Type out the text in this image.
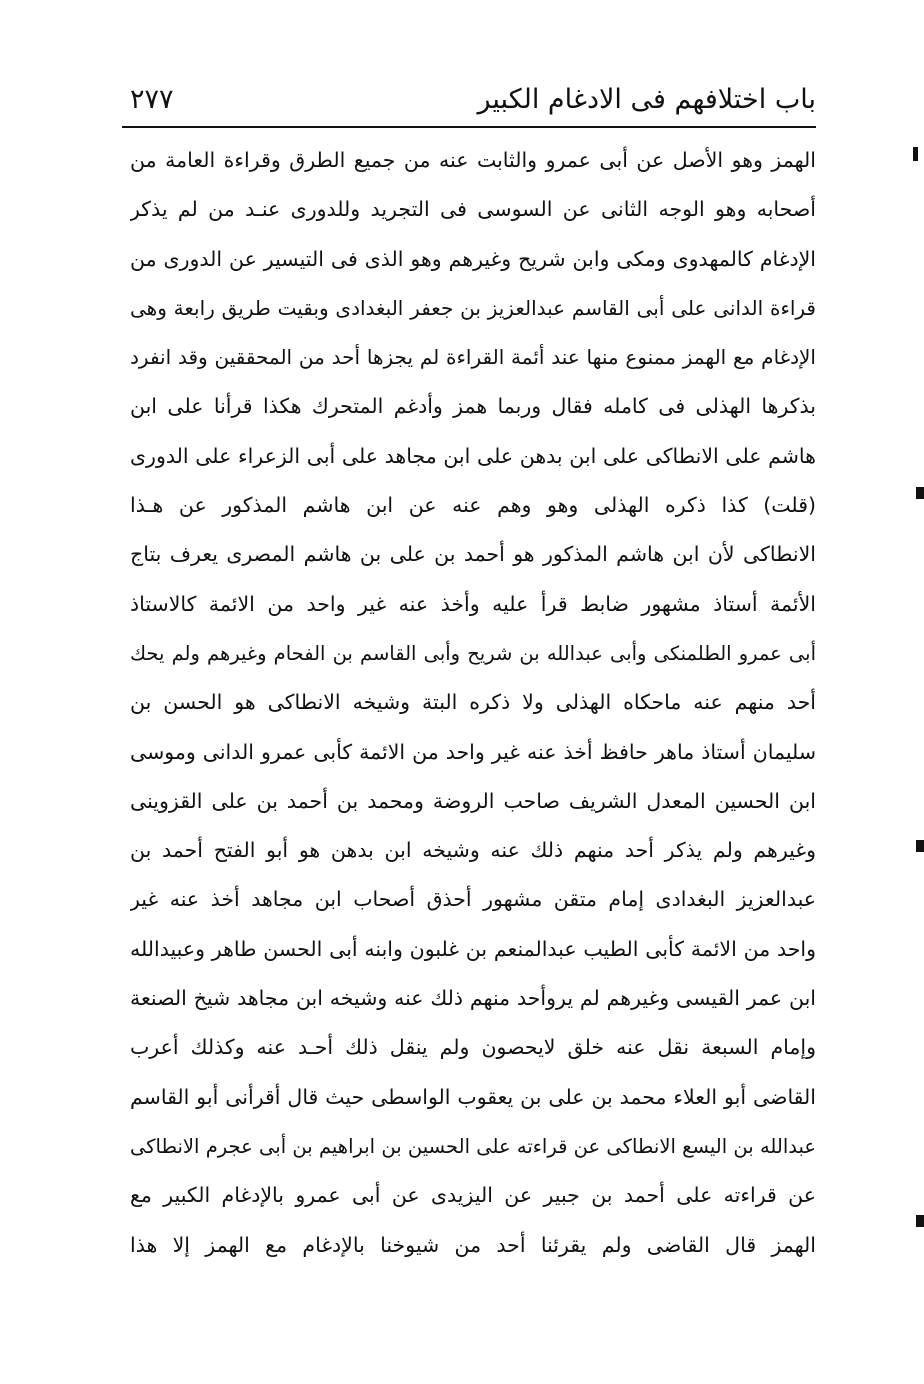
باب اختلافهم فى الادغام الكبير
٢٧٧
الهمز وهو الأصل عن أبى عمرو والثابت عنه من جميع الطرق وقراءة العامة من
أصحابه وهو الوجه الثانى عن السوسى فى التجريد وللدورى عنـد من لم يذكر
الإدغام كالمهدوى ومكى وابن شريح وغيرهم وهو الذى فى التيسير عن الدورى من
قراءة الدانى على أبى القاسم عبدالعزيز بن جعفر البغدادى وبقيت طريق رابعة وهى
الإدغام مع الهمز ممنوع منها عند أئمة القراءة لم يجزها أحد من المحققين وقد انفرد
بذكرها الهذلى فى كامله فقال وربما همز وأدغم المتحرك هكذا قرأنا على ابن
هاشم على الانطاكى على ابن بدهن على ابن مجاهد على أبى الزعراء على الدورى
(قلت) كذا ذكره الهذلى وهو وهم عنه عن ابن هاشم المذكور عن هـذا
الانطاكى لأن ابن هاشم المذكور هو أحمد بن على بن هاشم المصرى يعرف بتاج
الأئمة أستاذ مشهور ضابط قرأ عليه وأخذ عنه غير واحد من الائمة كالاستاذ
أبى عمرو الطلمنكى وأبى عبدالله بن شريح وأبى القاسم بن الفحام وغيرهم ولم يحك
أحد منهم عنه ماحكاه الهذلى ولا ذكره البتة وشيخه الانطاكى هو الحسن بن
سليمان أستاذ ماهر حافظ أخذ عنه غير واحد من الائمة كأبى عمرو الدانى وموسى
ابن الحسين المعدل الشريف صاحب الروضة ومحمد بن أحمد بن على القزوينى
وغيرهم ولم يذكر أحد منهم ذلك عنه وشيخه ابن بدهن هو أبو الفتح أحمد بن
عبدالعزيز البغدادى إمام متقن مشهور أحذق أصحاب ابن مجاهد أخذ عنه غير
واحد من الائمة كأبى الطيب عبدالمنعم بن غلبون وابنه أبى الحسن طاهر وعبيدالله
ابن عمر القيسى وغيرهم لم يروأحد منهم ذلك عنه وشيخه ابن مجاهد شيخ الصنعة
وإمام السبعة نقل عنه خلق لايحصون ولم ينقل ذلك أحـد عنه وكذلك أعرب
القاضى أبو العلاء محمد بن على بن يعقوب الواسطى حيث قال أقرأنى أبو القاسم
عبدالله بن اليسع الانطاكى عن قراءته على الحسين بن ابراهيم بن أبى عجرم الانطاكى
عن قراءته على أحمد بن جبير عن اليزيدى عن أبى عمرو بالإدغام الكبير مع
الهمز قال القاضى ولم يقرئنا أحد من شيوخنا بالإدغام مع الهمز إلا هذا
